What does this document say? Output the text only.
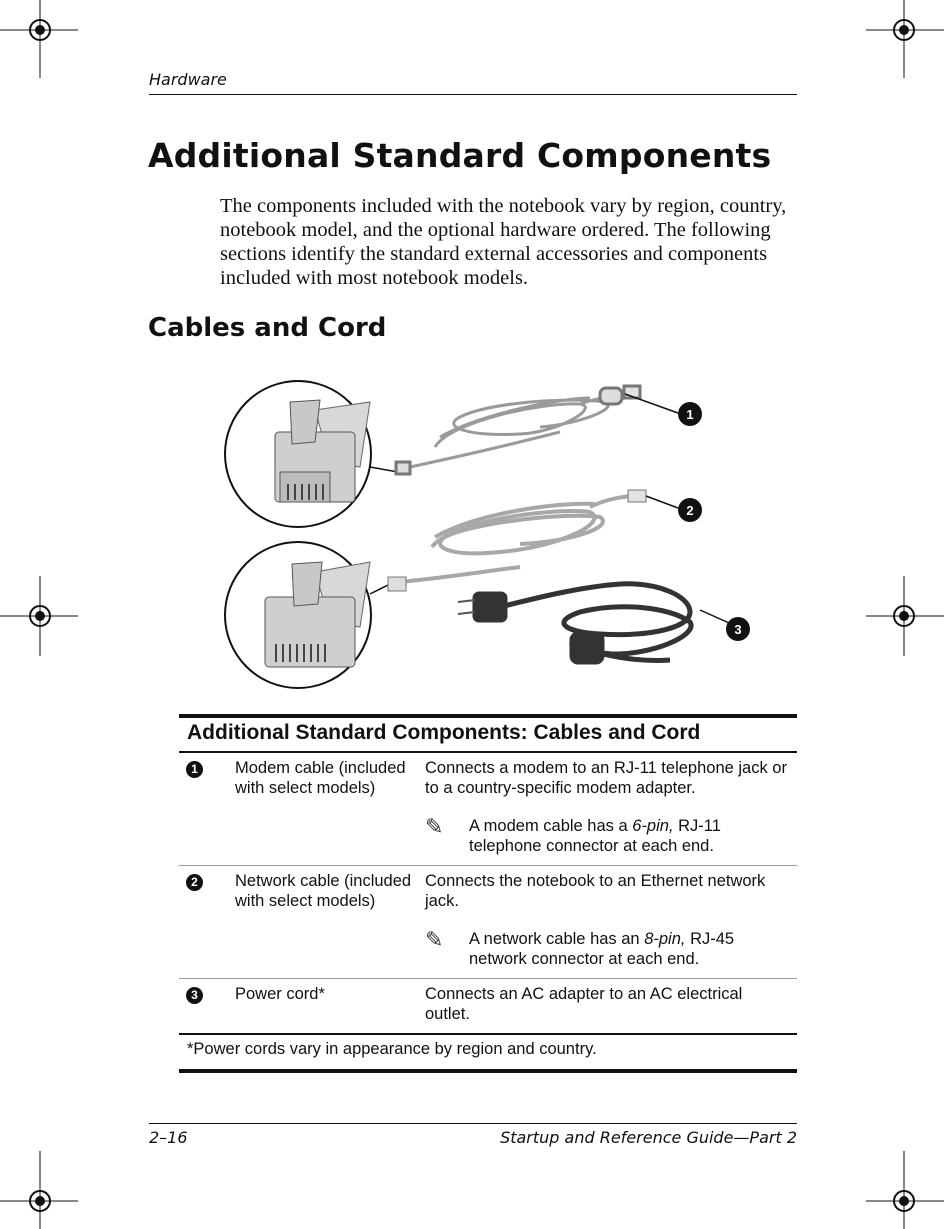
Hardware
Additional Standard Components

The components included with the notebook vary by region, country, notebook model, and the optional hardware ordered. The following sections identify the standard external accessories and components included with most notebook models.

Cables and Cord
1
2
3
Additional Standard Components: Cables and Cord
1	Modem cable (included with select models)
Connects a modem to an RJ-11 telephone jack or to a country-specific modem adapter.
✎	A modem cable has a 6-pin, RJ-11 telephone connector at each end.
2	Network cable (included with select models)
Connects the notebook to an Ethernet network  jack.
✎	A network cable has an 8-pin, RJ-45 network connector at each end.
3	Power cord*	Connects an AC adapter to an AC electrical outlet.
*Power cords vary in appearance by region and country.
2–16	Startup and Reference Guide—Part 2
